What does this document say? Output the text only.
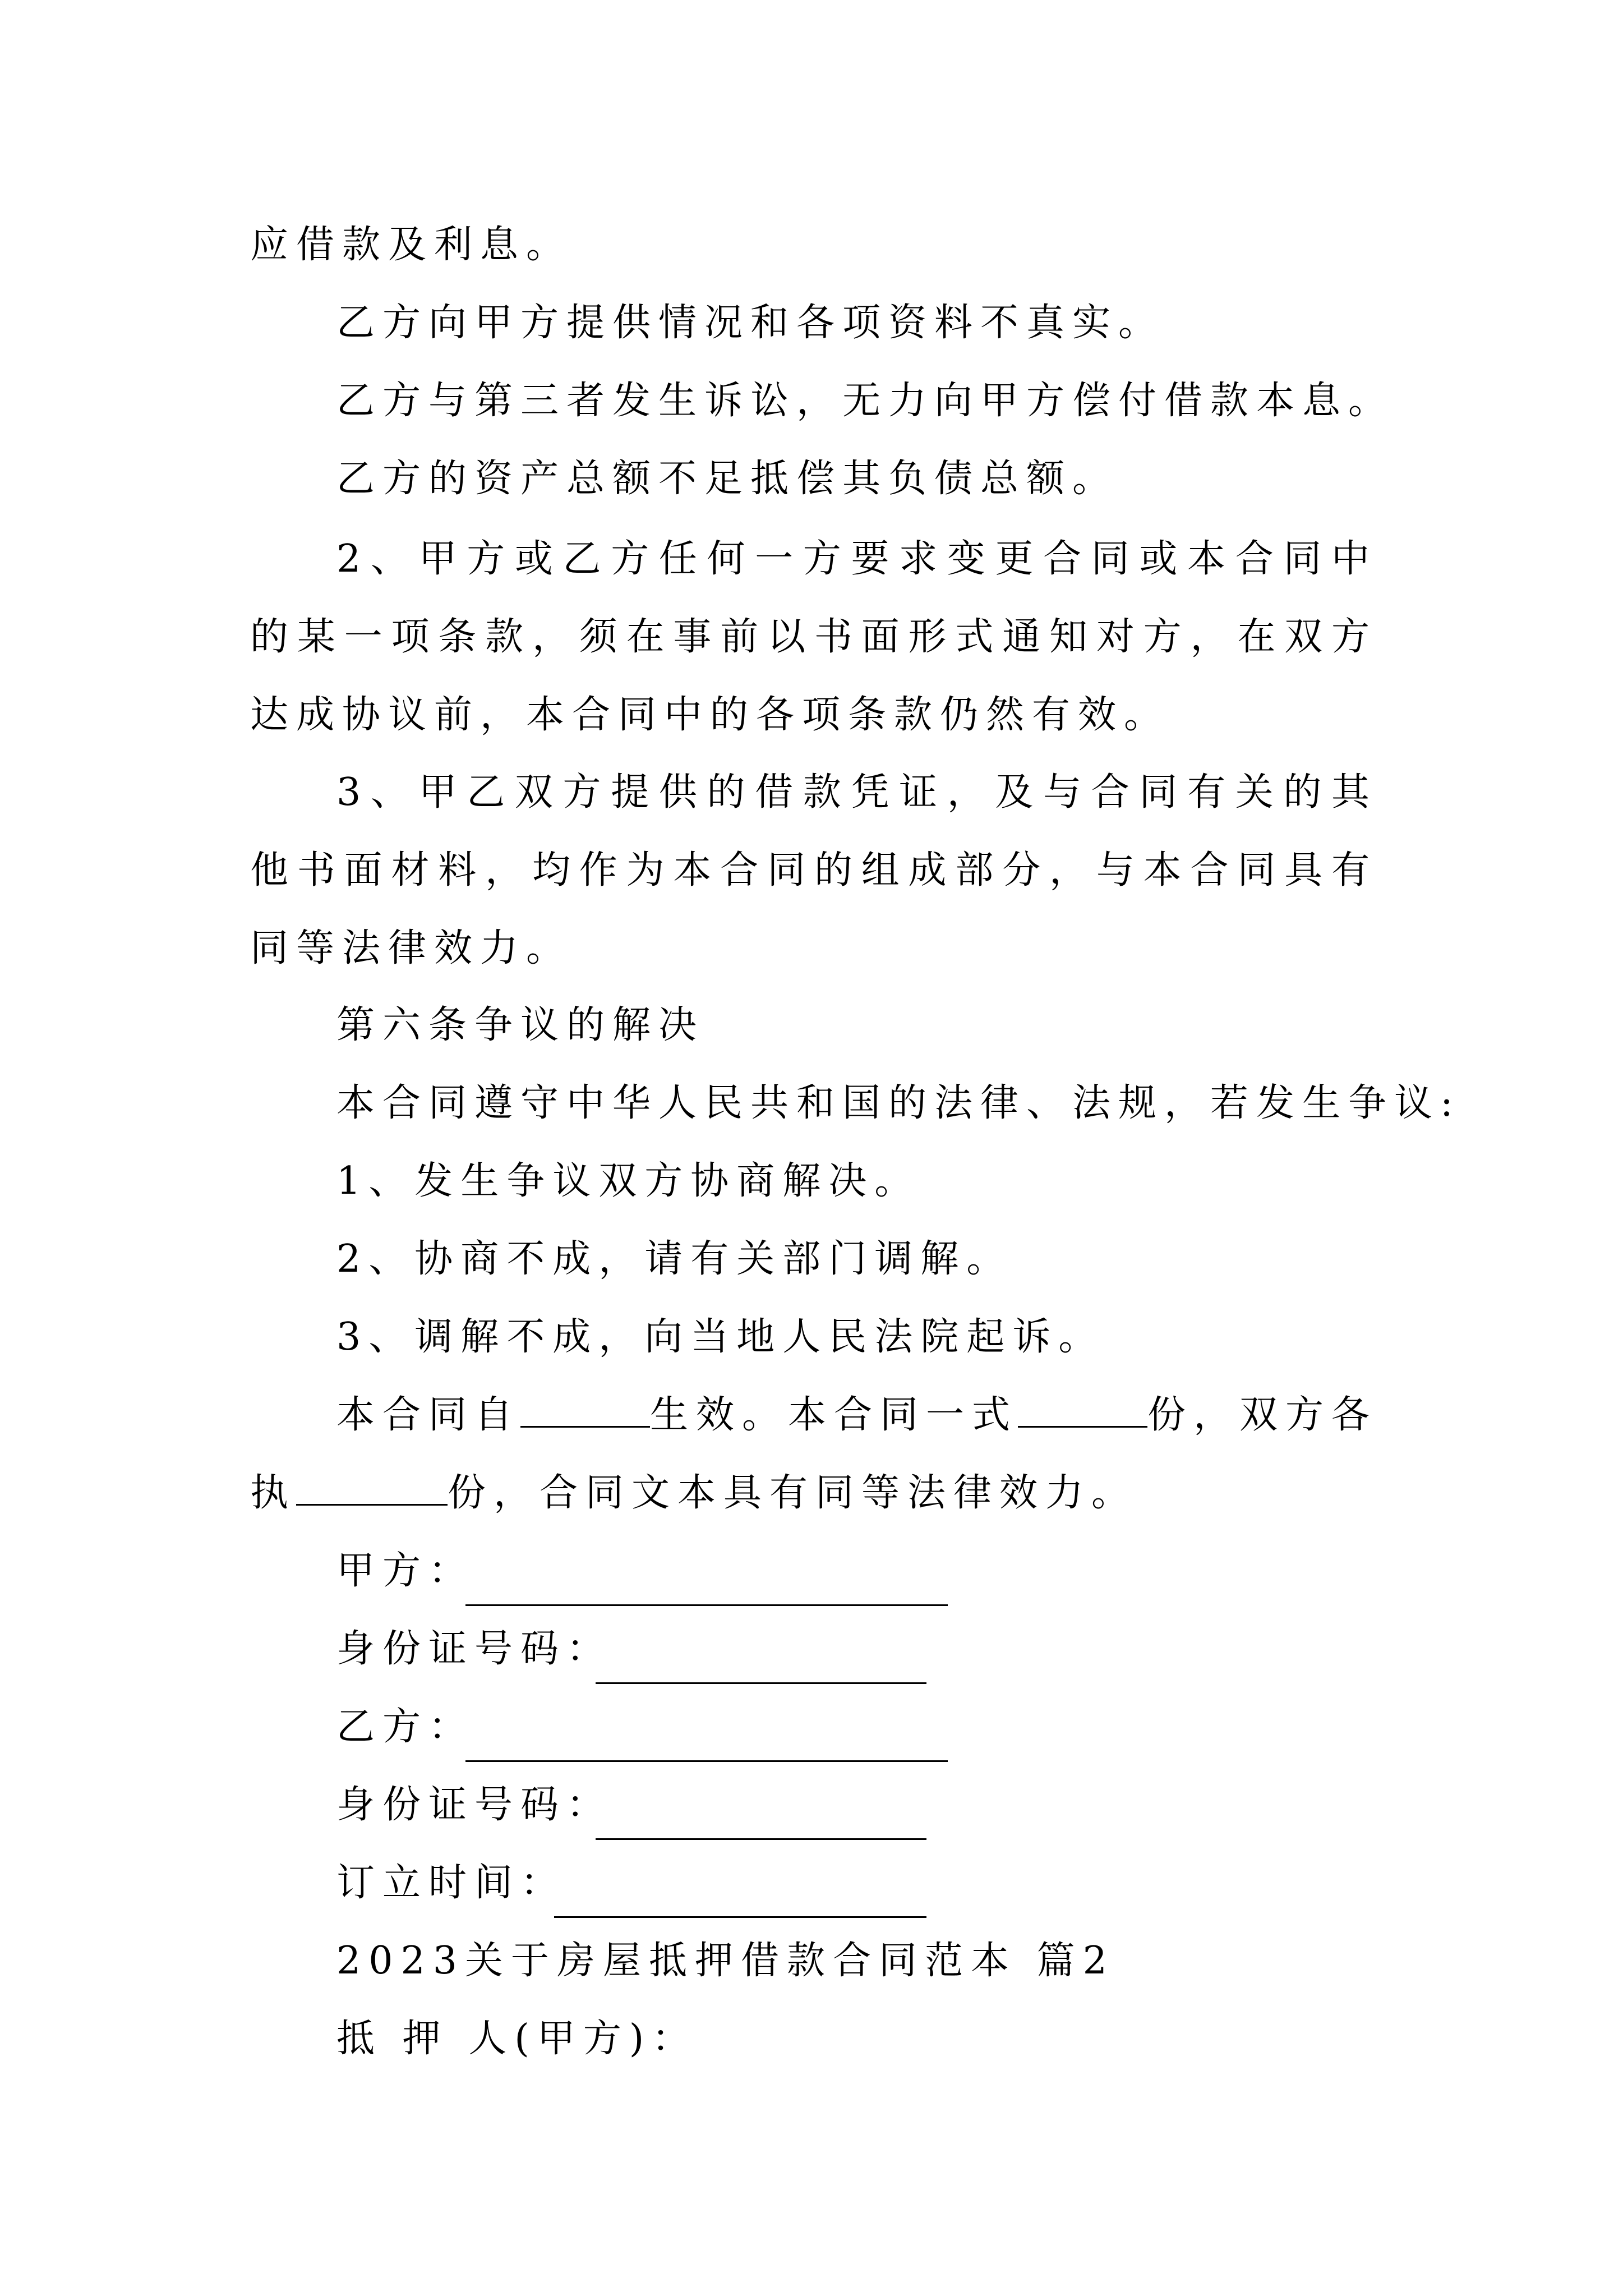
应借款及利息。
乙方向甲方提供情况和各项资料不真实。
乙方与第三者发生诉讼，无力向甲方偿付借款本息。
乙方的资产总额不足抵偿其负债总额。

2、甲方或乙方任何一方要求变更合同或本合同中的某一项条款，须在事前以书面形式通知对方，在双方达成协议前，本合同中的各项条款仍然有效。

3、甲乙双方提供的借款凭证，及与合同有关的其他书面材料，均作为本合同的组成部分，与本合同具有同等法律效力。

第六条争议的解决
本合同遵守中华人民共和国的法律、法规，若发生争议:
1、发生争议双方协商解决。
2、协商不成，请有关部门调解。
3、调解不成，向当地人民法院起诉。
本合同自	生效。本合同一式	份，双方各
执	份，合同文本具有同等法律效力。
甲方：
身份证号码：
乙方：
身份证号码：
订立时间：
2023关于房屋抵押借款合同范本 篇2
抵 押 人(甲方)：
